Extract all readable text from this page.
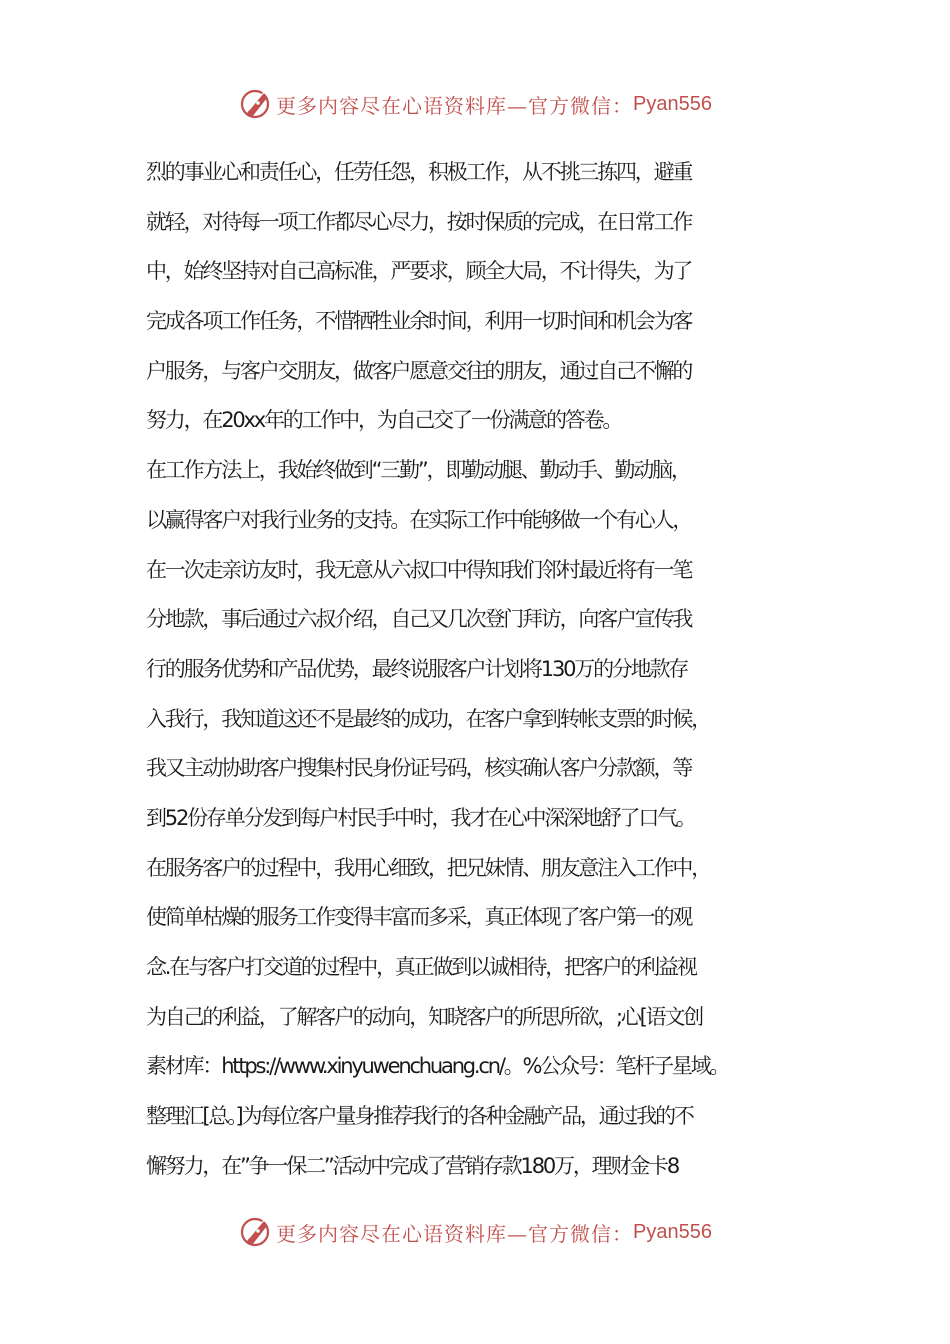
更多内容尽在心语资料库—官方微信： Pyan556
烈的事业心和责任心，任劳任怨，积极工作，从不挑三拣四，避重
就轻，对待每一项工作都尽心尽力，按时保质的完成，在日常工作
中，始终坚持对自己高标准，严要求，顾全大局，不计得失，为了
完成各项工作任务，不惜牺牲业余时间，利用一切时间和机会为客
户服务，与客户交朋友，做客户愿意交往的朋友，通过自己不懈的
努力，在20xx年的工作中，为自己交了一份满意的答卷。
在工作方法上，我始终做到“三勤”，即勤动腿、勤动手、勤动脑，
以赢得客户对我行业务的支持。在实际工作中能够做一个有心人，
在一次走亲访友时，我无意从六叔口中得知我们邻村最近将有一笔
分地款，事后通过六叔介绍，自己又几次登门拜访，向客户宣传我
行的服务优势和产品优势，最终说服客户计划将130万的分地款存
入我行，我知道这还不是最终的成功，在客户拿到转帐支票的时候，
我又主动协助客户搜集村民身份证号码，核实确认客户分款额，等
到52份存单分发到每户村民手中时，我才在心中深深地舒了口气。
在服务客户的过程中，我用心细致，把兄妹情、朋友意注入工作中，
使简单枯燥的服务工作变得丰富而多采，真正体现了客户第一的观
念.在与客户打交道的过程中，真正做到以诚相待，把客户的利益视
为自己的利益，了解客户的动向，知晓客户的所思所欲，;心[语文创
素材库：https://www.xinyuwenchuang.cn/。%公众号：笔杆子星域。
整理汇[总。]为每位客户量身推荐我行的各种金融产品，通过我的不
懈努力，在”争一保二”活动中完成了营销存款180万，理财金卡8
更多内容尽在心语资料库—官方微信： Pyan556
